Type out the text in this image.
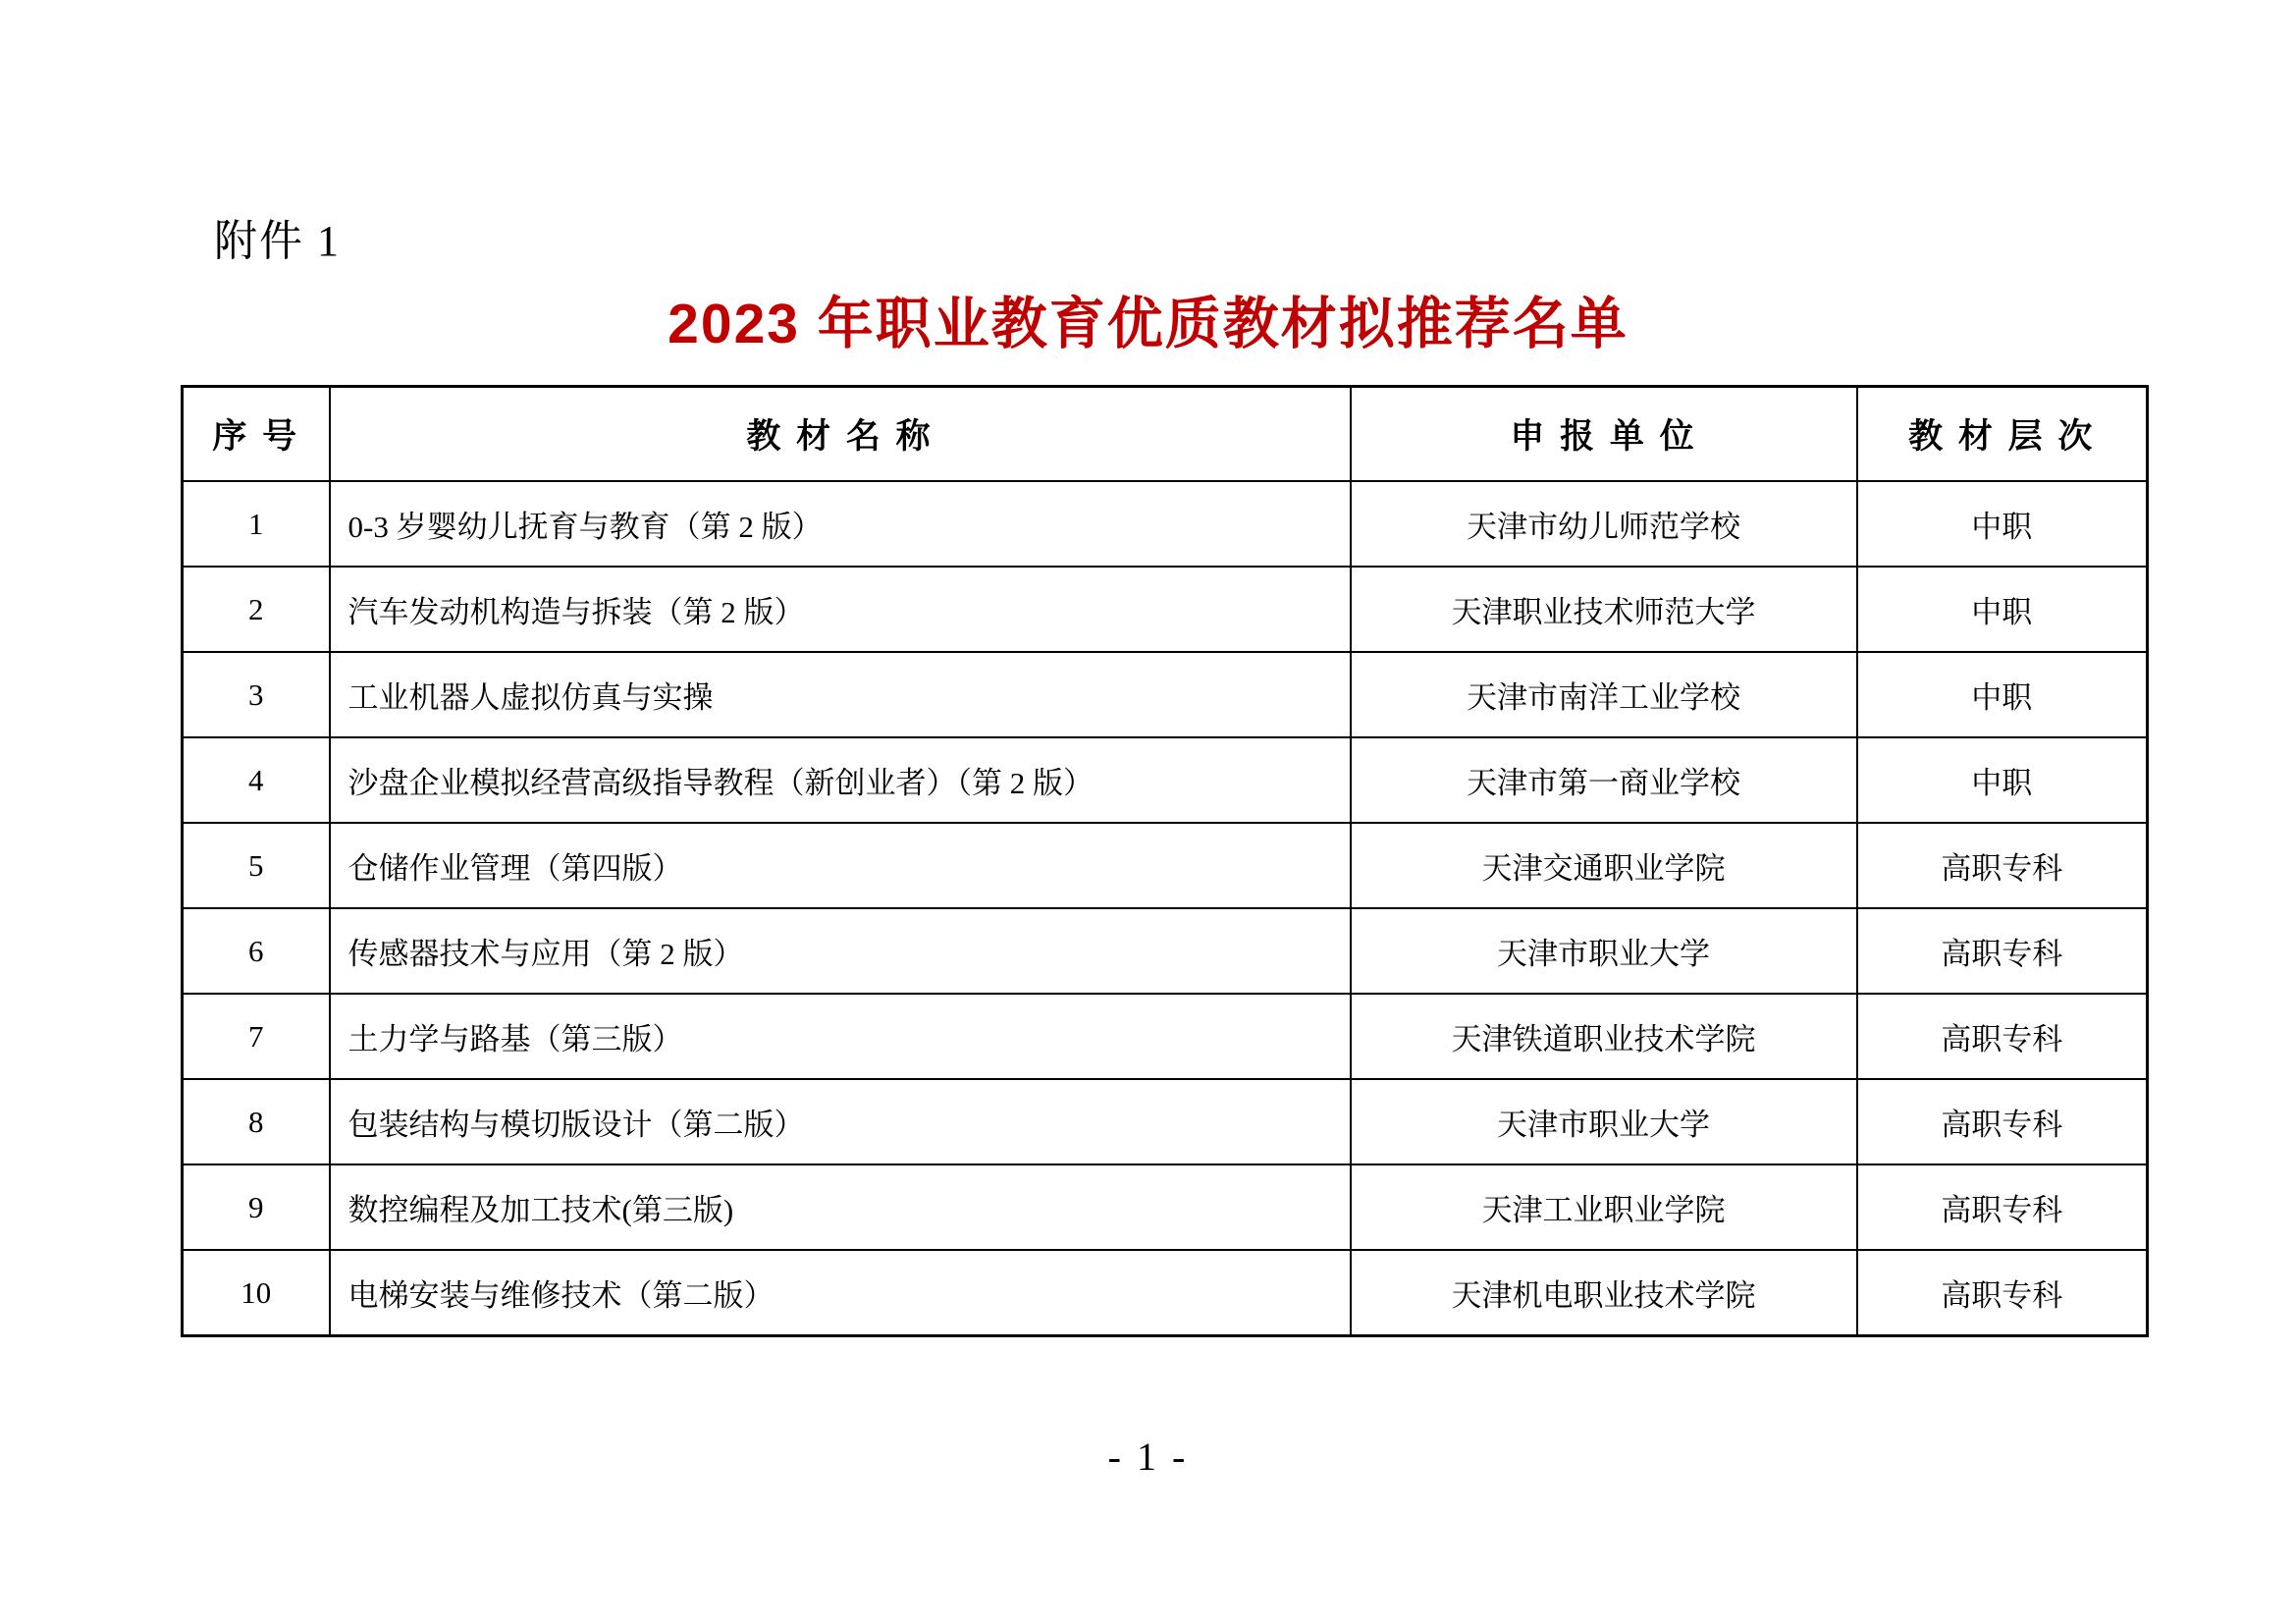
附件 1
2023 年职业教育优质教材拟推荐名单
序 号	教 材 名 称	申 报 单 位	教 材 层 次
1	0-3 岁婴幼儿抚育与教育（第 2 版）	天津市幼儿师范学校	中职
2	汽车发动机构造与拆装（第 2 版）	天津职业技术师范大学	中职
3	工业机器人虚拟仿真与实操	天津市南洋工业学校	中职
4	沙盘企业模拟经营高级指导教程（新创业者）（第 2 版）	天津市第一商业学校	中职
5	仓储作业管理（第四版）	天津交通职业学院	高职专科
6	传感器技术与应用（第 2 版）	天津市职业大学	高职专科
7	土力学与路基（第三版）	天津铁道职业技术学院	高职专科
8	包装结构与模切版设计（第二版）	天津市职业大学	高职专科
9	数控编程及加工技术(第三版)	天津工业职业学院	高职专科
10	电梯安装与维修技术（第二版）	天津机电职业技术学院	高职专科
- 1 -
